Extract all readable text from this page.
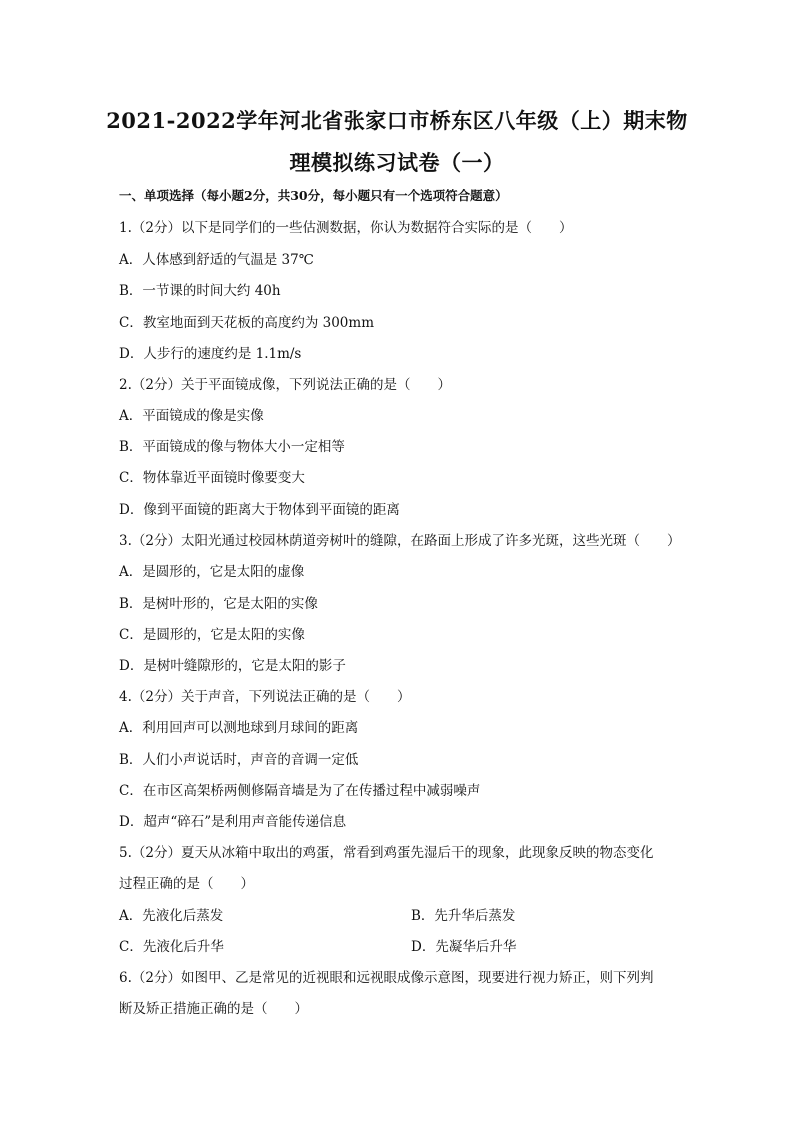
2021-2022学年河北省张家口市桥东区八年级（上）期末物
理模拟练习试卷（一）
一、单项选择（每小题2分，共30分，每小题只有一个选项符合题意）
1.（2分）以下是同学们的一些估测数据，你认为数据符合实际的是（　　）
A．人体感到舒适的气温是 37℃
B．一节课的时间大约 40h
C．教室地面到天花板的高度约为 300mm
D．人步行的速度约是 1.1m/s
2.（2分）关于平面镜成像，下列说法正确的是（　　）
A．平面镜成的像是实像
B．平面镜成的像与物体大小一定相等
C．物体靠近平面镜时像要变大
D．像到平面镜的距离大于物体到平面镜的距离
3.（2分）太阳光通过校园林荫道旁树叶的缝隙，在路面上形成了许多光斑，这些光斑（　　）
A．是圆形的，它是太阳的虚像
B．是树叶形的，它是太阳的实像
C．是圆形的，它是太阳的实像
D．是树叶缝隙形的，它是太阳的影子
4.（2分）关于声音，下列说法正确的是（　　）
A．利用回声可以测地球到月球间的距离
B．人们小声说话时，声音的音调一定低
C．在市区高架桥两侧修隔音墙是为了在传播过程中减弱噪声
D．超声“碎石”是利用声音能传递信息
5.（2分）夏天从冰箱中取出的鸡蛋，常看到鸡蛋先湿后干的现象，此现象反映的物态变化
过程正确的是（　　）
A．先液化后蒸发	B．先升华后蒸发
C．先液化后升华	D．先凝华后升华
6.（2分）如图甲、乙是常见的近视眼和远视眼成像示意图，现要进行视力矫正，则下列判
断及矫正措施正确的是（　　）
